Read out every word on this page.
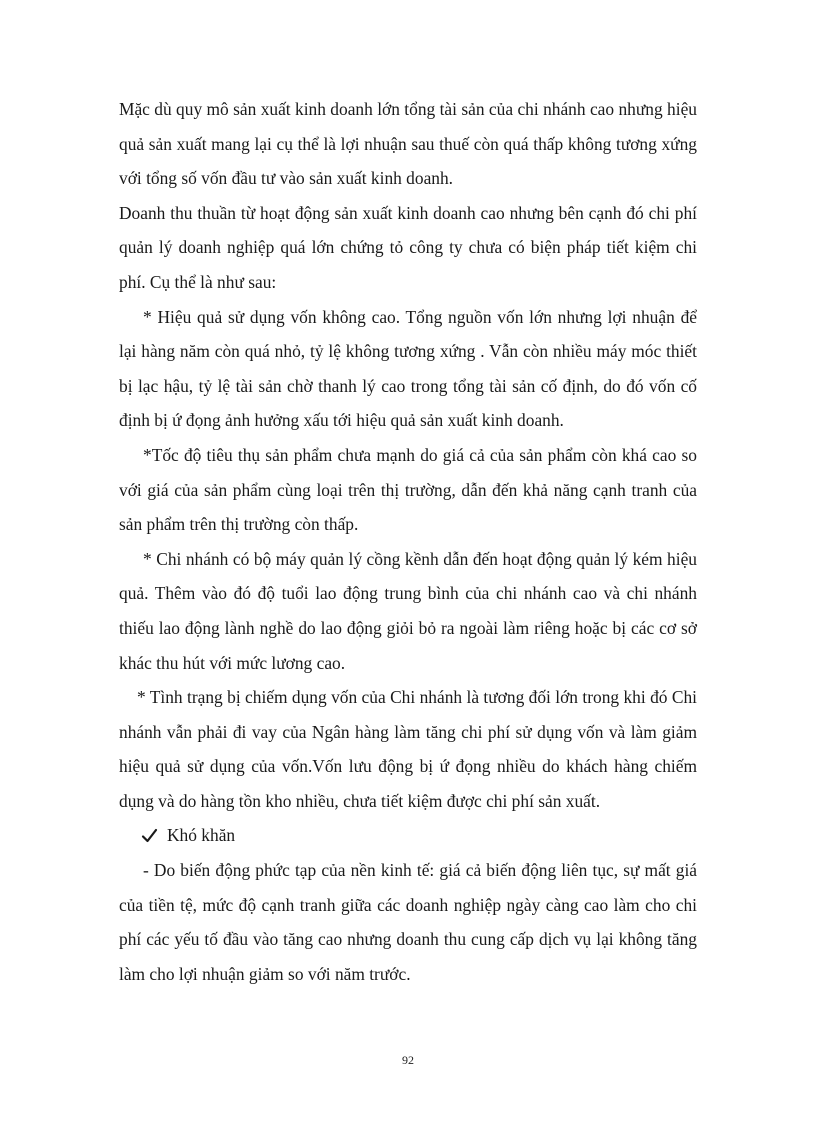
Mặc dù quy mô sản xuất kinh doanh lớn tổng tài sản của chi nhánh cao nhưng hiệu quả sản xuất mang lại cụ thể là lợi nhuận sau thuế còn quá thấp không tương xứng với tổng số vốn đầu tư vào sản xuất kinh doanh.

Doanh thu thuần từ hoạt động sản xuất kinh doanh cao nhưng bên cạnh đó chi phí quản lý doanh nghiệp quá lớn chứng tỏ công ty chưa có biện pháp tiết kiệm chi phí. Cụ thể là như sau:

* Hiệu quả sử dụng vốn không cao. Tổng nguồn vốn lớn nhưng lợi nhuận để lại hàng năm còn quá nhỏ, tỷ lệ không tương xứng . Vẫn còn nhiều máy móc thiết bị lạc hậu, tỷ lệ tài sản chờ thanh lý cao trong tổng tài sản cố định, do đó vốn cố định bị ứ đọng ảnh hưởng xấu tới hiệu quả sản xuất kinh doanh.

*Tốc độ tiêu thụ sản phẩm chưa mạnh do giá cả của sản phẩm còn khá cao so với giá của sản phẩm cùng loại trên thị trường, dẫn đến khả năng cạnh tranh của sản phẩm trên thị trường còn thấp.

* Chi nhánh có bộ máy quản lý cồng kềnh dẫn đến hoạt động quản lý kém hiệu quả. Thêm vào đó độ tuổi lao động trung bình của chi nhánh cao và chi nhánh thiếu lao động lành nghề do lao động giỏi bỏ ra ngoài làm riêng hoặc bị các cơ sở khác thu hút với mức lương cao.

* Tình trạng bị chiếm dụng vốn của Chi nhánh là tương đối lớn trong khi đó Chi nhánh vẫn phải đi vay của Ngân hàng làm tăng chi phí sử dụng vốn và làm giảm hiệu quả sử dụng của vốn.Vốn lưu động bị ứ đọng nhiều do khách hàng chiếm dụng và do hàng tồn kho nhiều, chưa tiết kiệm được chi phí sản xuất.

Khó khăn

- Do biến động phức tạp của nền kinh tế: giá cả biến động liên tục, sự mất giá của tiền tệ, mức độ cạnh tranh giữa các doanh nghiệp ngày càng cao làm cho chi phí các yếu tố đầu vào tăng cao nhưng doanh thu cung cấp dịch vụ lại không tăng làm cho lợi nhuận giảm so với năm trước.

92
